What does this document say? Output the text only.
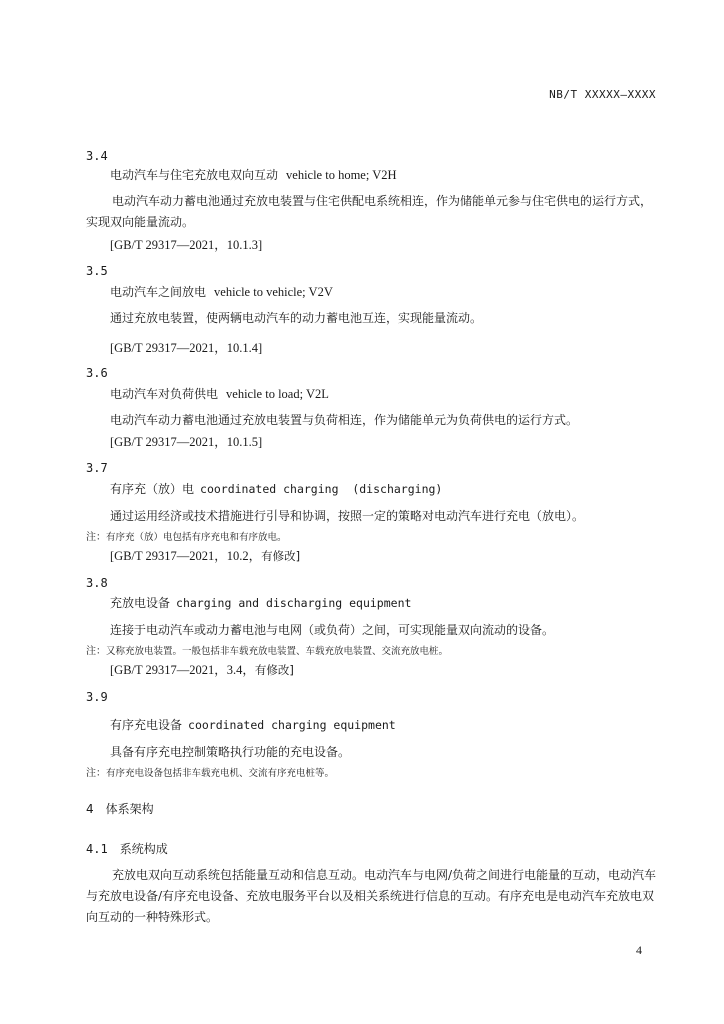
NB/T XXXXX—XXXX
3.4
电动汽车与住宅充放电双向互动 vehicle to home; V2H
电动汽车动力蓄电池通过充放电装置与住宅供配电系统相连，作为储能单元参与住宅供电的运行方式，实现双向能量流动。
[GB/T 29317—2021，10.1.3]
3.5
电动汽车之间放电 vehicle to vehicle; V2V
通过充放电装置，使两辆电动汽车的动力蓄电池互连，实现能量流动。
[GB/T 29317—2021，10.1.4]
3.6
电动汽车对负荷供电 vehicle to load; V2L
电动汽车动力蓄电池通过充放电装置与负荷相连，作为储能单元为负荷供电的运行方式。
[GB/T 29317—2021，10.1.5]
3.7
有序充（放）电 coordinated charging  (discharging)
通过运用经济或技术措施进行引导和协调，按照一定的策略对电动汽车进行充电（放电）。
注：有序充（放）电包括有序充电和有序放电。
[GB/T 29317—2021，10.2，有修改]
3.8
充放电设备 charging and discharging equipment
连接于电动汽车或动力蓄电池与电网（或负荷）之间，可实现能量双向流动的设备。
注：又称充放电装置。一般包括非车载充放电装置、车载充放电装置、交流充放电桩。
[GB/T 29317—2021，3.4，有修改]
3.9
有序充电设备 coordinated charging equipment
具备有序充电控制策略执行功能的充电设备。
注：有序充电设备包括非车载充电机、交流有序充电桩等。
4 体系架构
4.1 系统构成
充放电双向互动系统包括能量互动和信息互动。电动汽车与电网/负荷之间进行电能量的互动，电动汽车与充放电设备/有序充电设备、充放电服务平台以及相关系统进行信息的互动。有序充电是电动汽车充放电双向互动的一种特殊形式。
4
